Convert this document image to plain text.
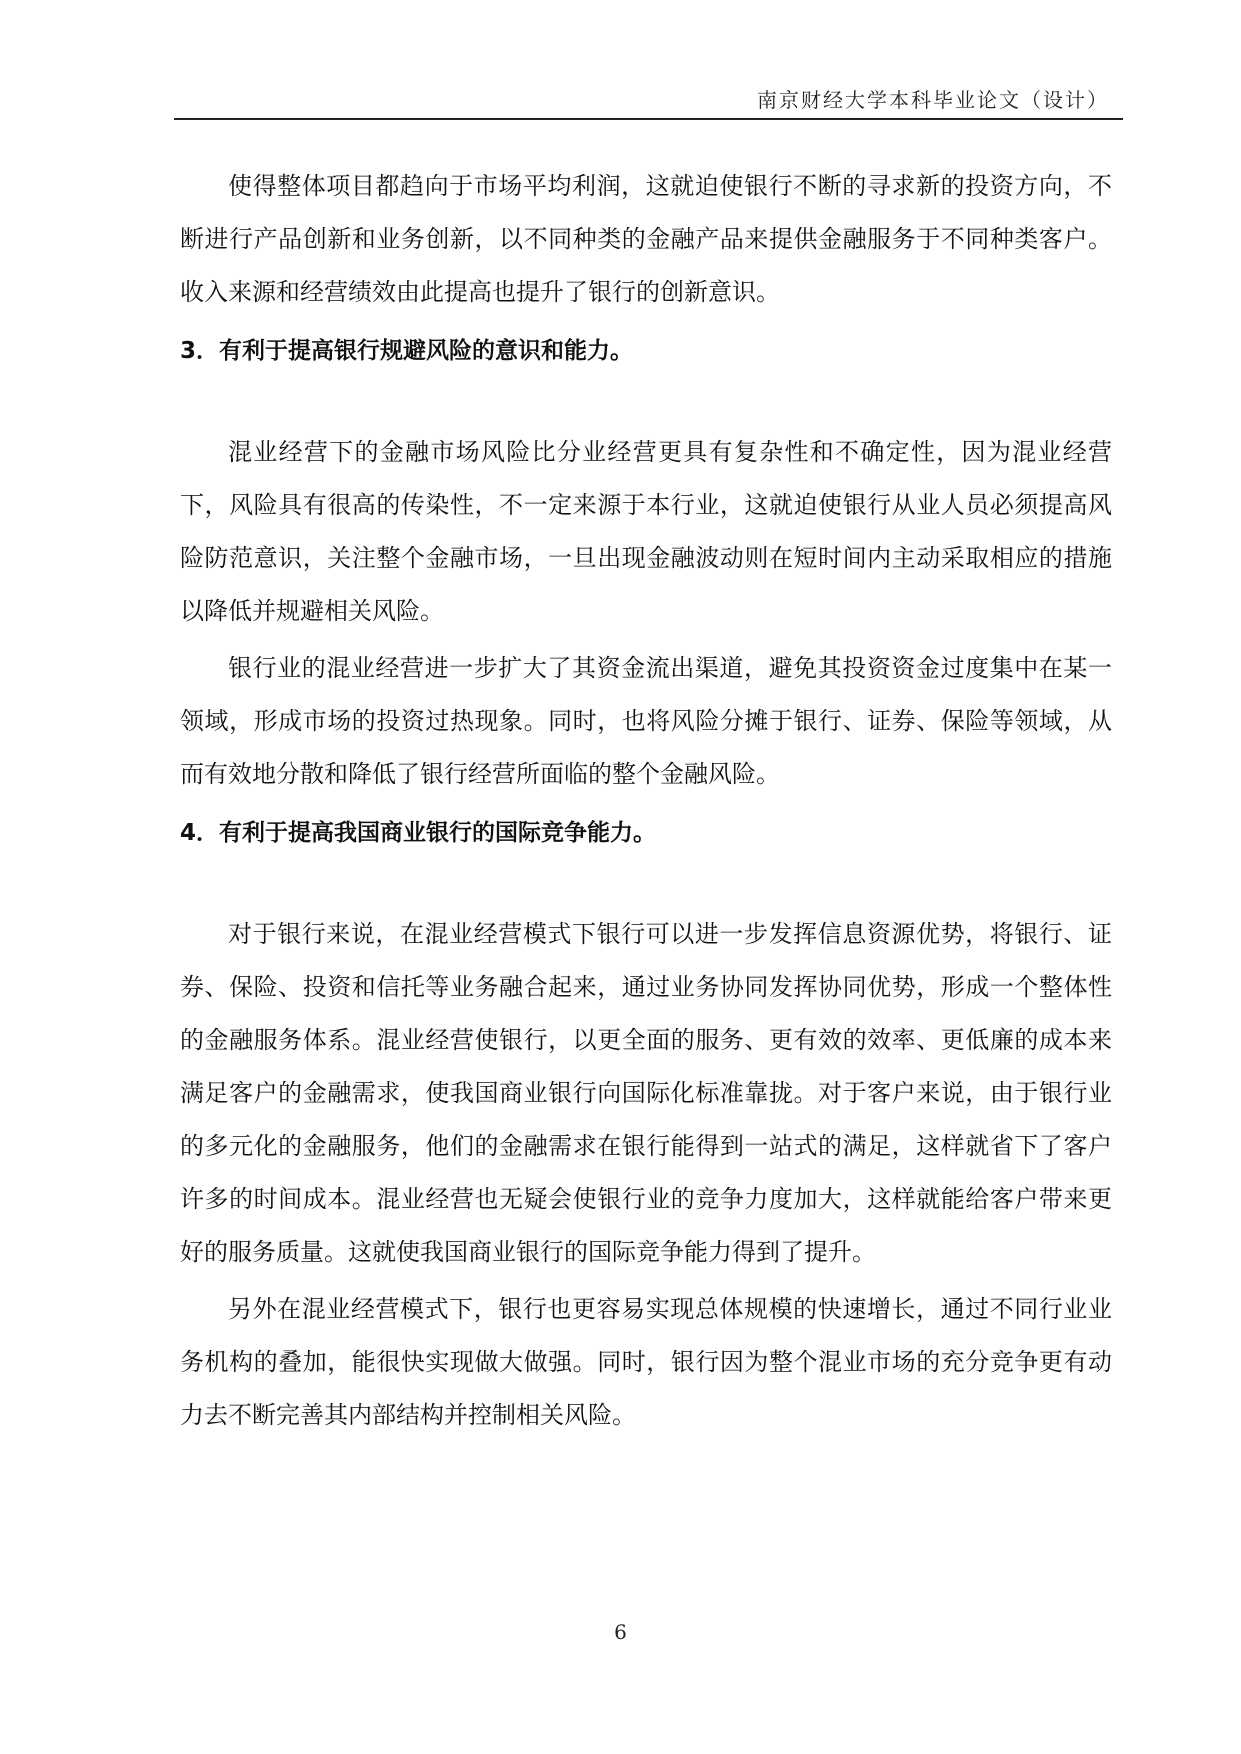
南京财经大学本科毕业论文（设计）

使得整体项目都趋向于市场平均利润，这就迫使银行不断的寻求新的投资方向，不断进行产品创新和业务创新，以不同种类的金融产品来提供金融服务于不同种类客户。收入来源和经营绩效由此提高也提升了银行的创新意识。

3．有利于提高银行规避风险的意识和能力。

混业经营下的金融市场风险比分业经营更具有复杂性和不确定性，因为混业经营下，风险具有很高的传染性，不一定来源于本行业，这就迫使银行从业人员必须提高风险防范意识，关注整个金融市场，一旦出现金融波动则在短时间内主动采取相应的措施以降低并规避相关风险。

银行业的混业经营进一步扩大了其资金流出渠道，避免其投资资金过度集中在某一领域，形成市场的投资过热现象。同时，也将风险分摊于银行、证券、保险等领域，从而有效地分散和降低了银行经营所面临的整个金融风险。

4．有利于提高我国商业银行的国际竞争能力。

对于银行来说，在混业经营模式下银行可以进一步发挥信息资源优势，将银行、证券、保险、投资和信托等业务融合起来，通过业务协同发挥协同优势，形成一个整体性的金融服务体系。混业经营使银行，以更全面的服务、更有效的效率、更低廉的成本来满足客户的金融需求，使我国商业银行向国际化标准靠拢。对于客户来说，由于银行业的多元化的金融服务，他们的金融需求在银行能得到一站式的满足，这样就省下了客户许多的时间成本。混业经营也无疑会使银行业的竞争力度加大，这样就能给客户带来更好的服务质量。这就使我国商业银行的国际竞争能力得到了提升。

另外在混业经营模式下，银行也更容易实现总体规模的快速增长，通过不同行业业务机构的叠加，能很快实现做大做强。同时，银行因为整个混业市场的充分竞争更有动力去不断完善其内部结构并控制相关风险。

6
